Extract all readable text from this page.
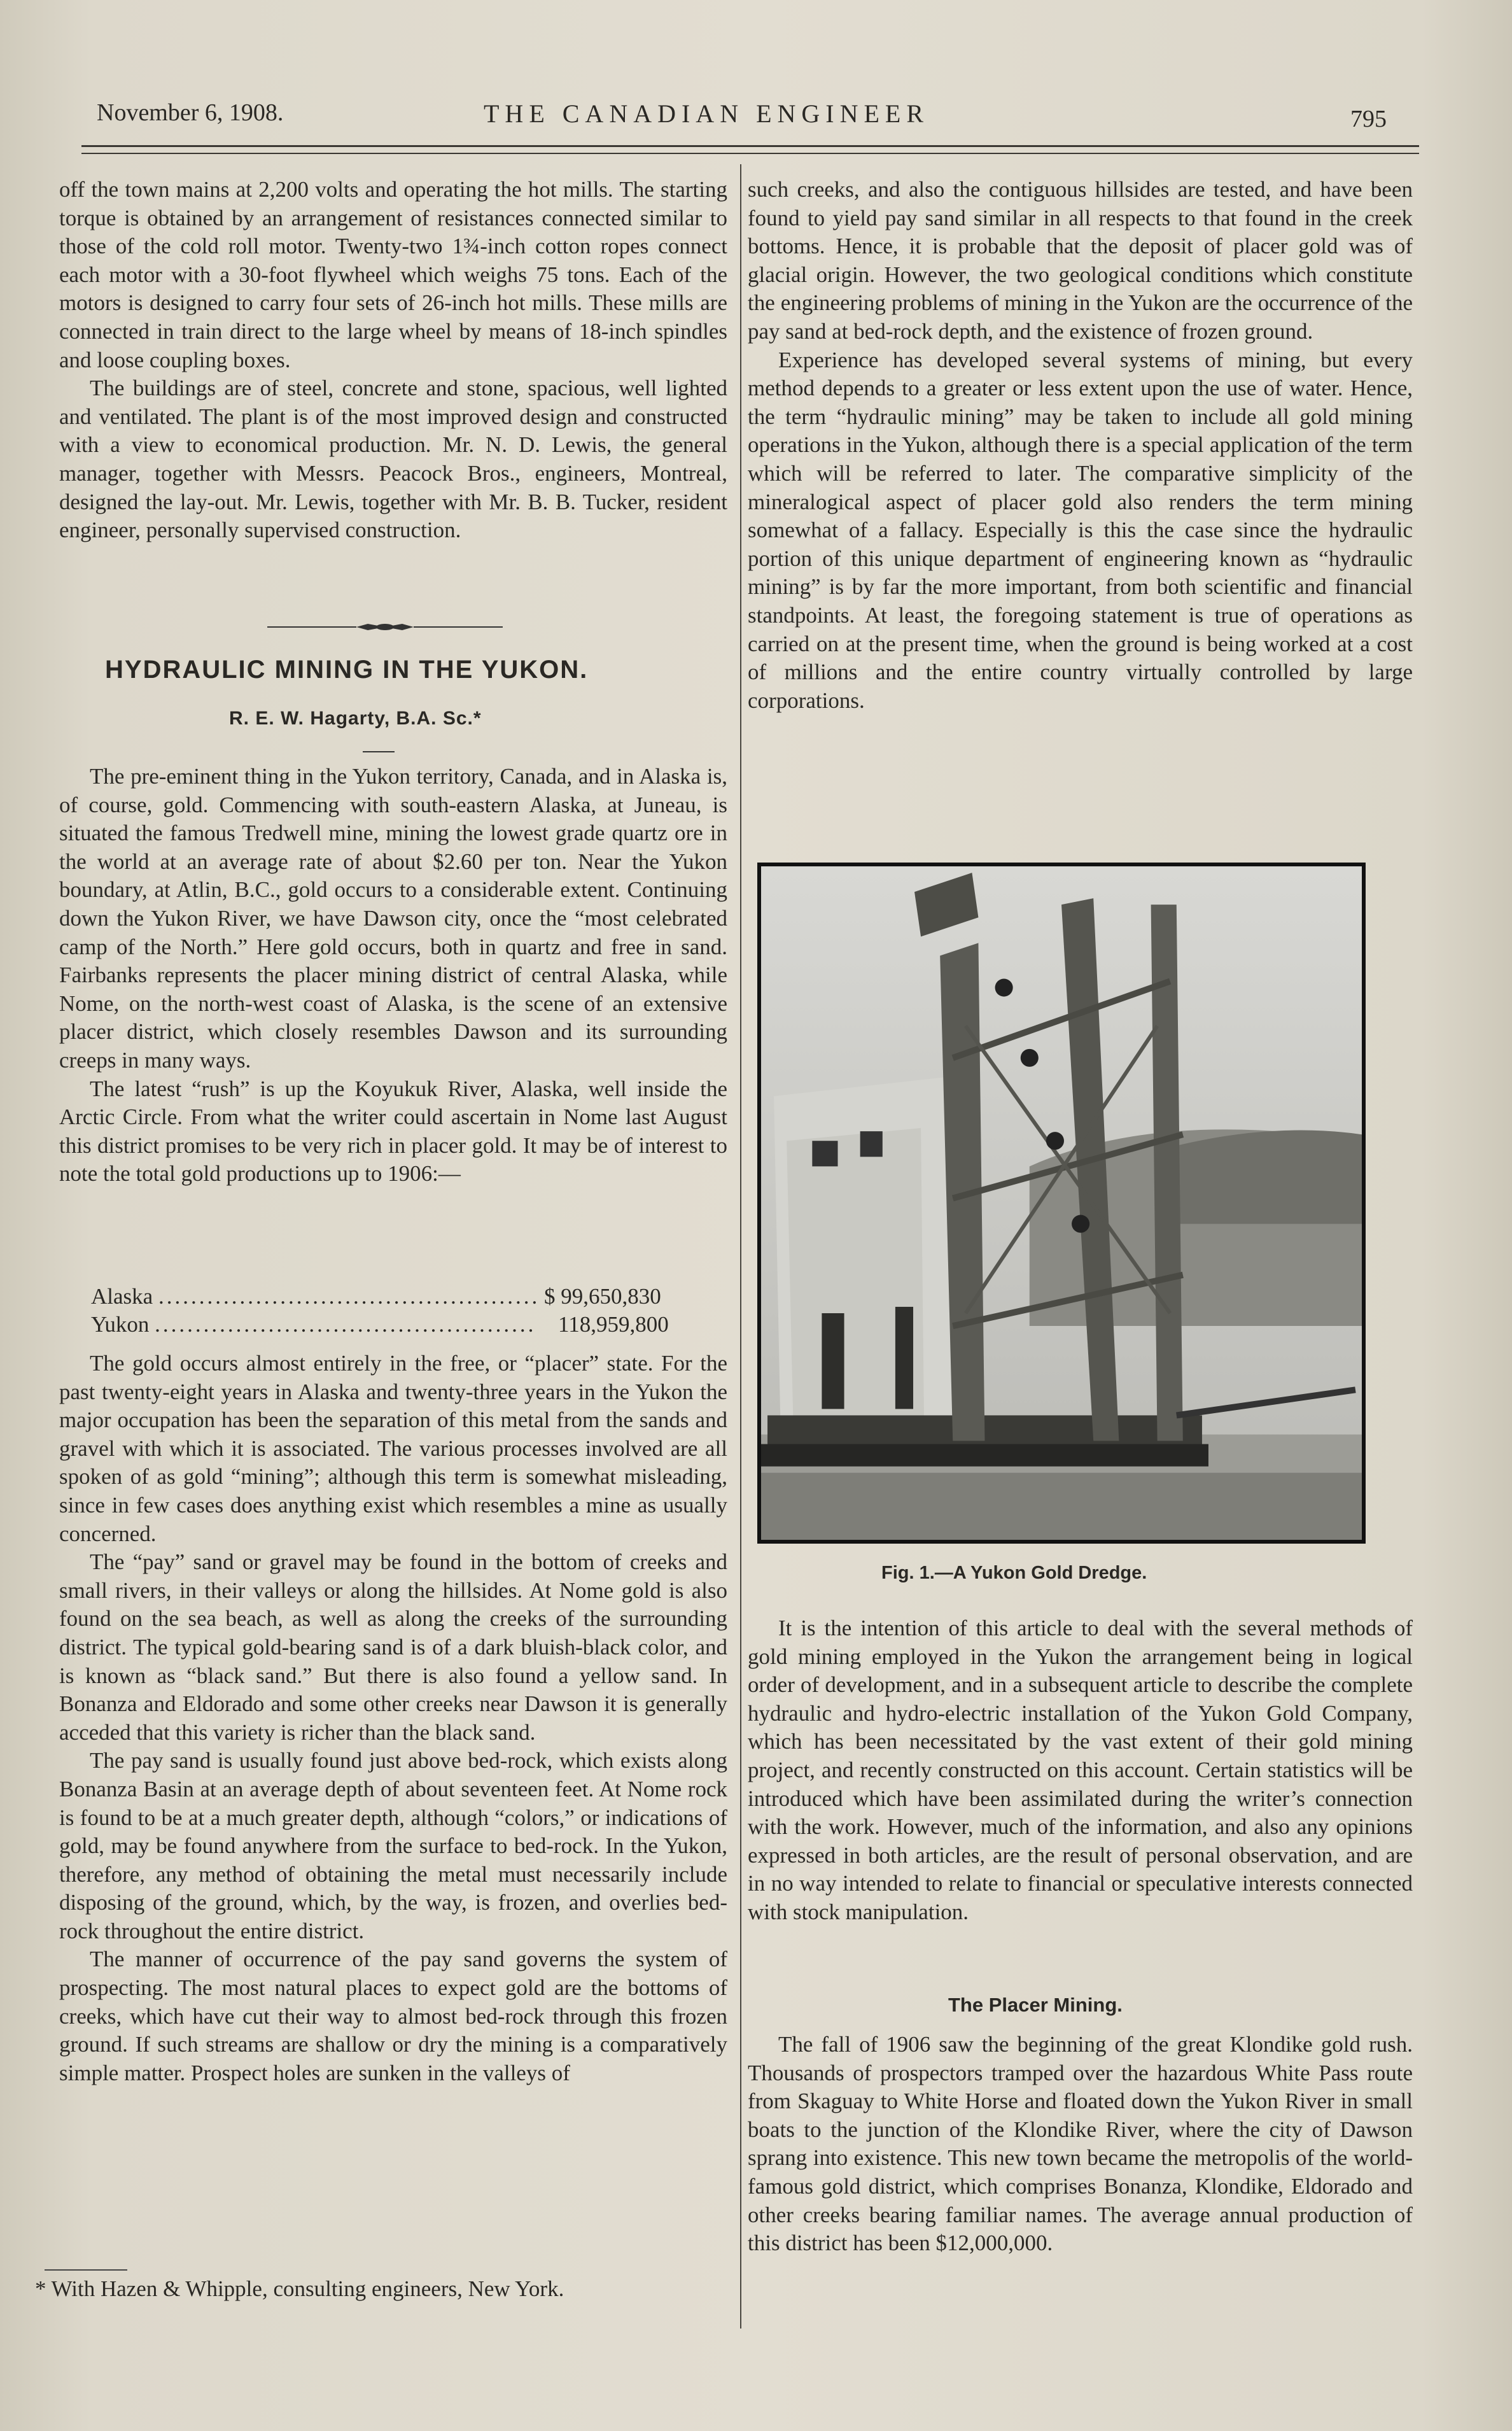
November 6, 1908.	THE CANADIAN ENGINEER	795

off the town mains at 2,200 volts and operating the hot mills. The starting torque is obtained by an arrangement of resistances connected similar to those of the cold roll motor. Twenty-two 1¾-inch cotton ropes connect each motor with a 30-foot flywheel which weighs 75 tons. Each of the motors is designed to carry four sets of 26-inch hot mills. These mills are connected in train direct to the large wheel by means of 18-inch spindles and loose coupling boxes.

The buildings are of steel, concrete and stone, spacious, well lighted and ventilated. The plant is of the most improved design and constructed with a view to economical production. Mr. N. D. Lewis, the general manager, together with Messrs. Peacock Bros., engineers, Montreal, designed the lay-out. Mr. Lewis, together with Mr. B. B. Tucker, resident engineer, personally supervised construction.

HYDRAULIC MINING IN THE YUKON.
R. E. W. Hagarty, B.A. Sc.*

The pre-eminent thing in the Yukon territory, Canada, and in Alaska is, of course, gold. Commencing with south-eastern Alaska, at Juneau, is situated the famous Tredwell mine, mining the lowest grade quartz ore in the world at an average rate of about $2.60 per ton. Near the Yukon boundary, at Atlin, B.C., gold occurs to a considerable extent. Continuing down the Yukon River, we have Dawson city, once the “most celebrated camp of the North.” Here gold occurs, both in quartz and free in sand. Fairbanks represents the placer mining district of central Alaska, while Nome, on the north-west coast of Alaska, is the scene of an extensive placer district, which closely resembles Dawson and its surrounding creeps in many ways.

The latest “rush” is up the Koyukuk River, Alaska, well inside the Arctic Circle. From what the writer could ascertain in Nome last August this district promises to be very rich in placer gold. It may be of interest to note the total gold productions up to 1906:—

Alaska ............................................... $ 99,650,830
Yukon ............................................... 118,959,800

The gold occurs almost entirely in the free, or “placer” state. For the past twenty-eight years in Alaska and twenty-three years in the Yukon the major occupation has been the separation of this metal from the sands and gravel with which it is associated. The various processes involved are all spoken of as gold “mining”; although this term is somewhat misleading, since in few cases does anything exist which resembles a mine as usually concerned.

The “pay” sand or gravel may be found in the bottom of creeks and small rivers, in their valleys or along the hillsides. At Nome gold is also found on the sea beach, as well as along the creeks of the surrounding district. The typical gold-bearing sand is of a dark bluish-black color, and is known as “black sand.” But there is also found a yellow sand. In Bonanza and Eldorado and some other creeks near Dawson it is generally acceded that this variety is richer than the black sand.

The pay sand is usually found just above bed-rock, which exists along Bonanza Basin at an average depth of about seventeen feet. At Nome rock is found to be at a much greater depth, although “colors,” or indications of gold, may be found anywhere from the surface to bed-rock. In the Yukon, therefore, any method of obtaining the metal must necessarily include disposing of the ground, which, by the way, is frozen, and overlies bed-rock throughout the entire district.

The manner of occurrence of the pay sand governs the system of prospecting. The most natural places to expect gold are the bottoms of creeks, which have cut their way to almost bed-rock through this frozen ground. If such streams are shallow or dry the mining is a comparatively simple matter. Prospect holes are sunken in the valleys of

* With Hazen & Whipple, consulting engineers, New York.

such creeks, and also the contiguous hillsides are tested, and have been found to yield pay sand similar in all respects to that found in the creek bottoms. Hence, it is probable that the deposit of placer gold was of glacial origin. However, the two geological conditions which constitute the engineering problems of mining in the Yukon are the occurrence of the pay sand at bed-rock depth, and the existence of frozen ground.

Experience has developed several systems of mining, but every method depends to a greater or less extent upon the use of water. Hence, the term “hydraulic mining” may be taken to include all gold mining operations in the Yukon, although there is a special application of the term which will be referred to later. The comparative simplicity of the mineralogical aspect of placer gold also renders the term mining somewhat of a fallacy. Especially is this the case since the hydraulic portion of this unique department of engineering known as “hydraulic mining” is by far the more important, from both scientific and financial standpoints. At least, the foregoing statement is true of operations as carried on at the present time, when the ground is being worked at a cost of millions and the entire country virtually controlled by large corporations.

Fig. 1.—A Yukon Gold Dredge.

It is the intention of this article to deal with the several methods of gold mining employed in the Yukon the arrangement being in logical order of development, and in a subsequent article to describe the complete hydraulic and hydro-electric installation of the Yukon Gold Company, which has been necessitated by the vast extent of their gold mining project, and recently constructed on this account. Certain statistics will be introduced which have been assimilated during the writer’s connection with the work. However, much of the information, and also any opinions expressed in both articles, are the result of personal observation, and are in no way intended to relate to financial or speculative interests connected with stock manipulation.

The Placer Mining.

The fall of 1906 saw the beginning of the great Klondike gold rush. Thousands of prospectors tramped over the hazardous White Pass route from Skaguay to White Horse and floated down the Yukon River in small boats to the junction of the Klondike River, where the city of Dawson sprang into existence. This new town became the metropolis of the world-famous gold district, which comprises Bonanza, Klondike, Eldorado and other creeks bearing familiar names. The average annual production of this district has been $12,000,000.
